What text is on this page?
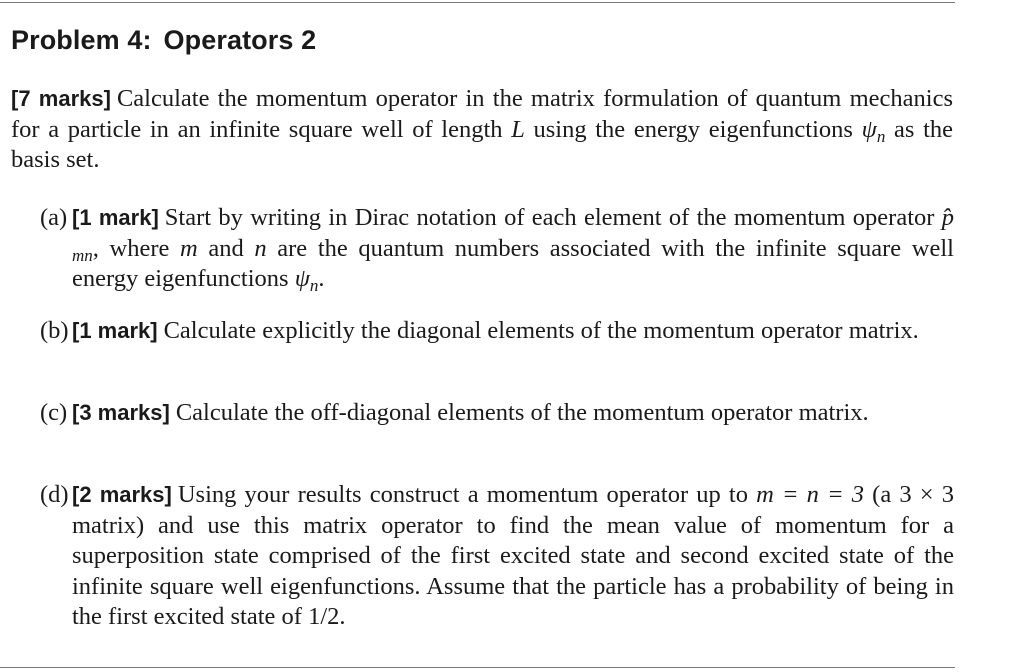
Problem 4: Operators 2
[7 marks] Calculate the momentum operator in the matrix formulation of quantum mechanics for a particle in an infinite square well of length L using the energy eigenfunctions $\psi_n$ as the basis set.
(a) [1 mark] Start by writing in Dirac notation of each element of the momentum operator $p̂_{mn}$, where m and n are the quantum numbers associated with the infinite square well energy eigenfunctions $\psi_n$.
(b) [1 mark] Calculate explicitly the diagonal elements of the momentum operator matrix.
(c) [3 marks] Calculate the off-diagonal elements of the momentum operator matrix.
(d) [2 marks] Using your results construct a momentum operator up to m = n = 3 (a 3 × 3 matrix) and use this matrix operator to find the mean value of momentum for a superposition state comprised of the first excited state and second excited state of the infinite square well eigenfunctions. Assume that the particle has a probability of being in the first excited state of 1/2.
